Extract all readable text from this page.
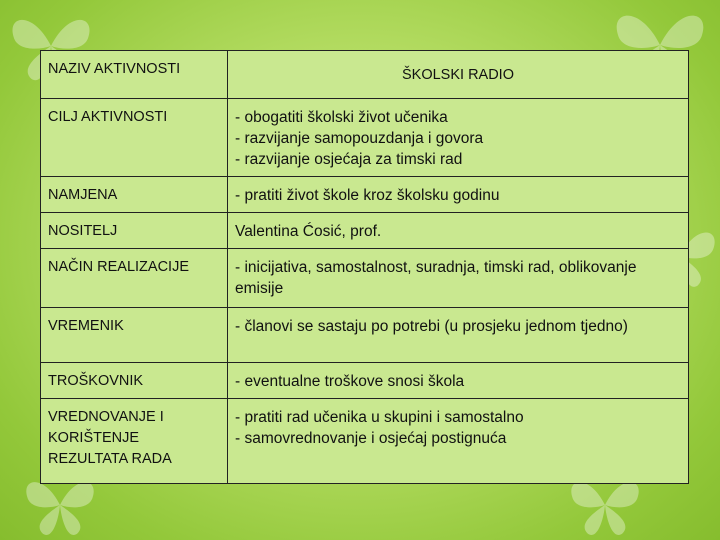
NAZIV AKTIVNOSTI	ŠKOLSKI RADIO
CILJ AKTIVNOSTI	- obogatiti školski život učenika
- razvijanje samopouzdanja i govora
- razvijanje osjećaja za timski rad

NAMJENA	- pratiti život škole kroz školsku godinu

NOSITELJ	Valentina Ćosić, prof.

NAČIN REALIZACIJE	- inicijativa, samostalnost, suradnja, timski rad, oblikovanje emisije

VREMENIK	- članovi se sastaju po potrebi (u prosjeku jednom tjedno)

TROŠKOVNIK	- eventualne troškove snosi škola

VREDNOVANJE I KORIŠTENJE REZULTATA RADA	- pratiti rad učenika u skupini i samostalno
- samovrednovanje i osjećaj postignuća
